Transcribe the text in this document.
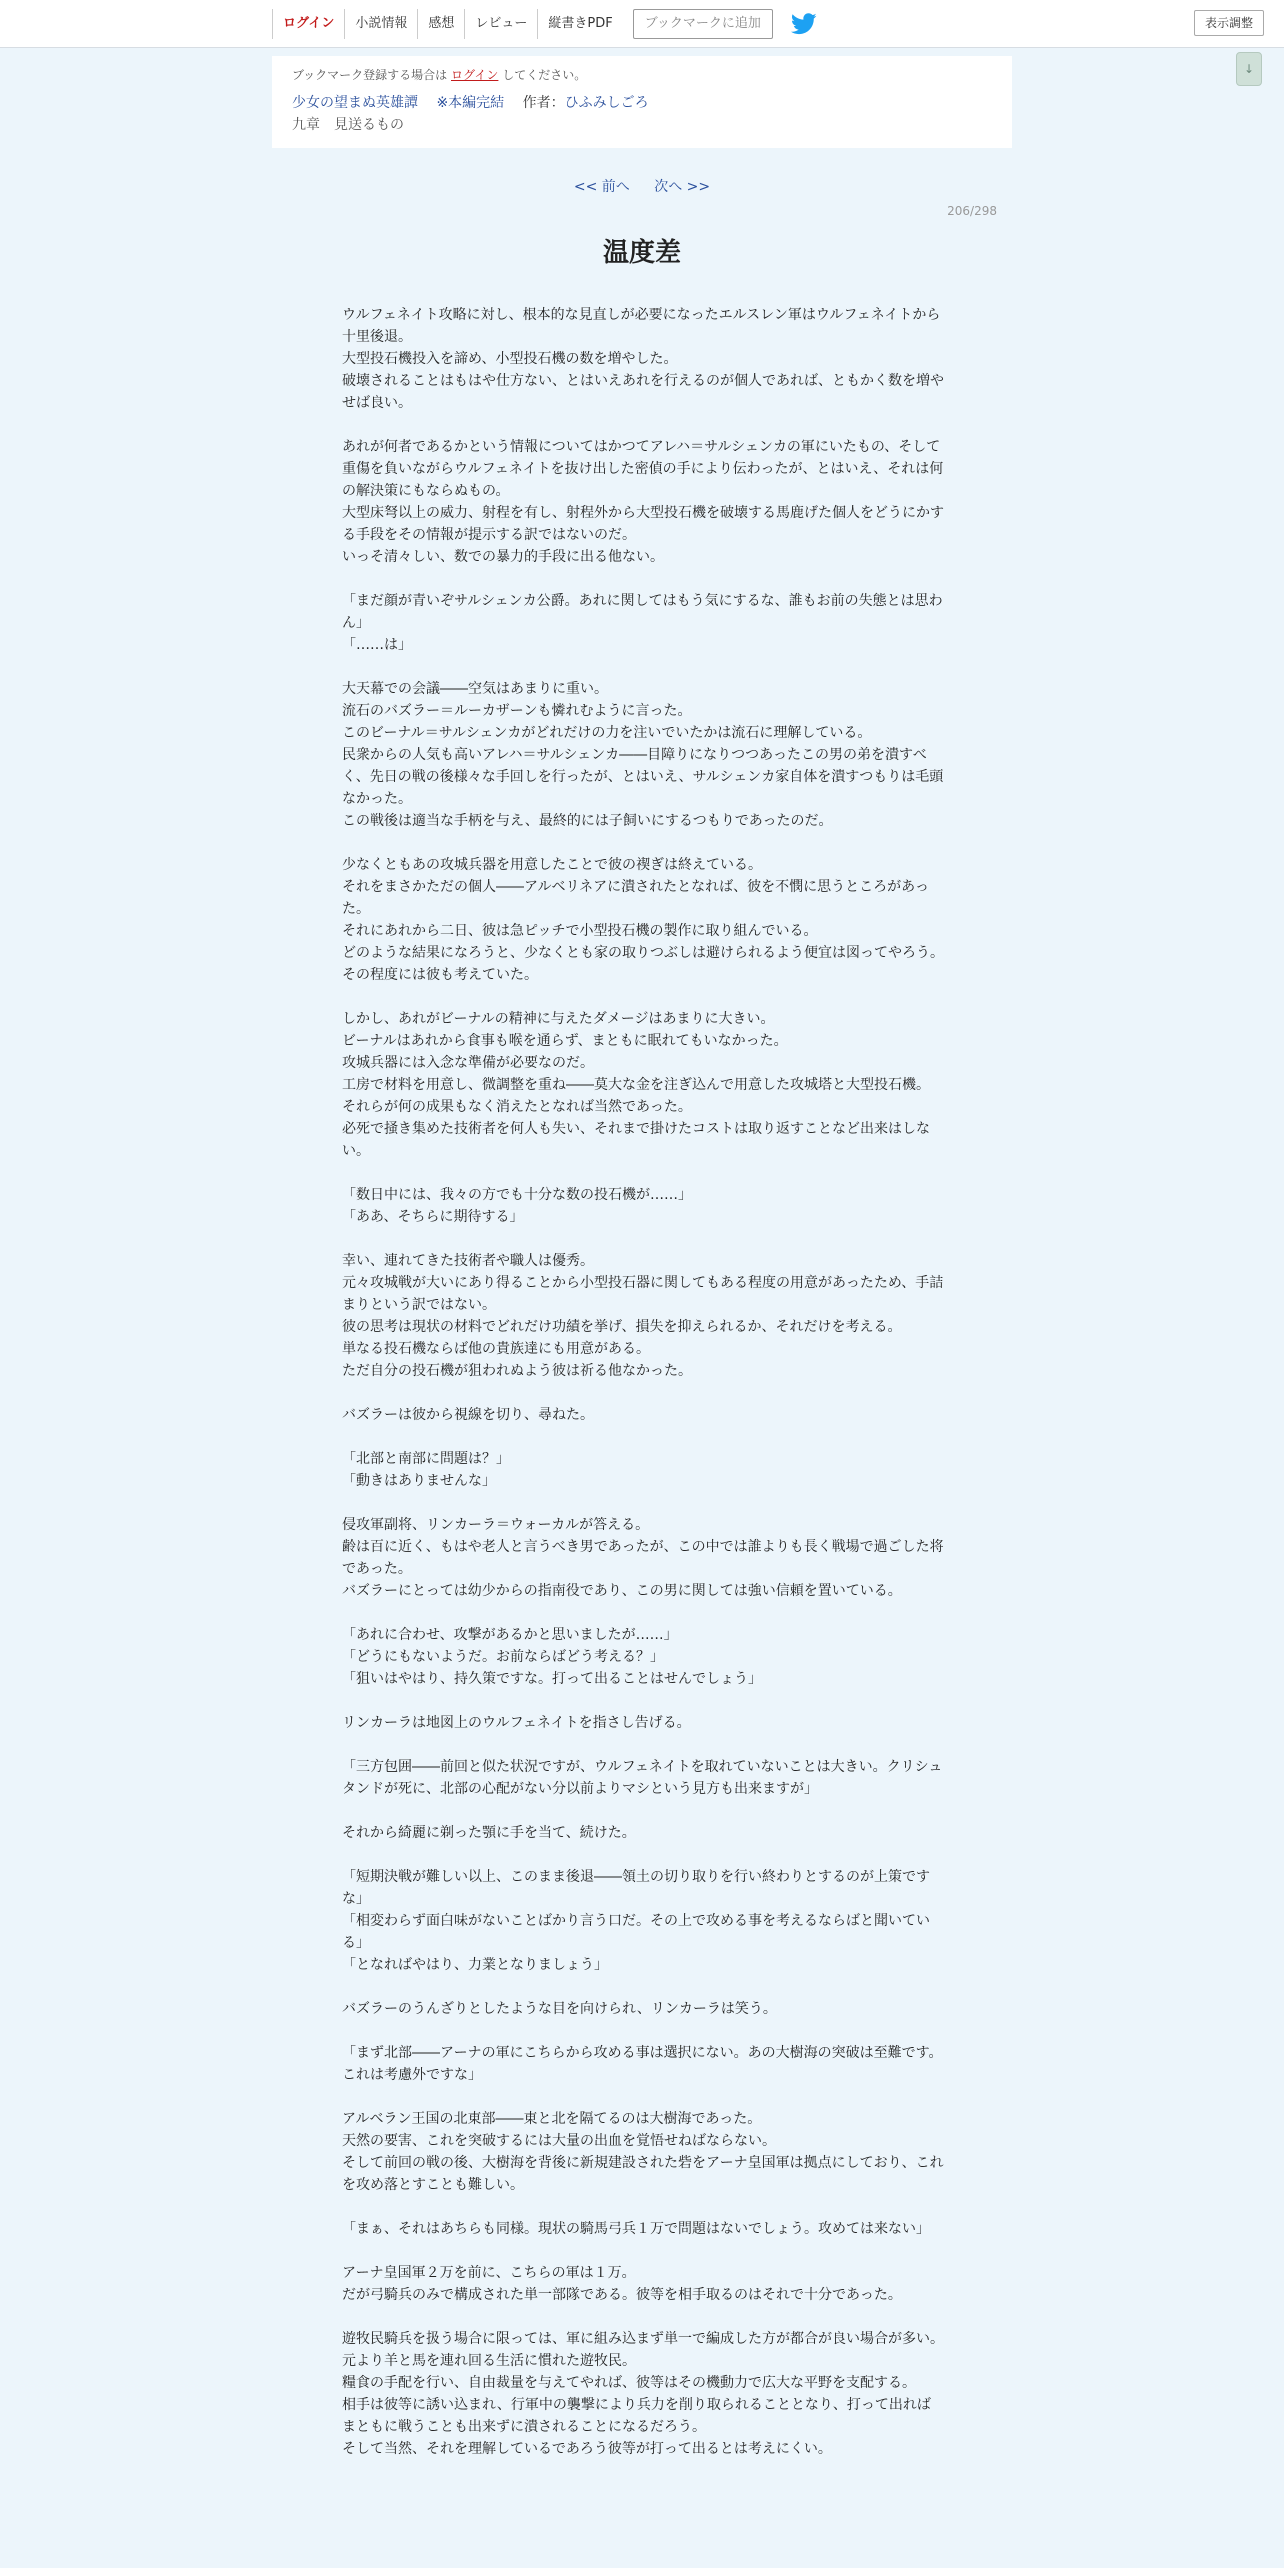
ログイン	小説情報	感想	レビュー	縦書きPDF	ブックマークに追加	表示調整
↓
ブックマーク登録する場合は ログイン してください。
少女の望まぬ英雄譚 ※本編完結 作者：ひふみしごろ
九章　見送るもの
<< 前へ 次へ >>
206/298
温度差

ウルフェネイト攻略に対し、根本的な見直しが必要になったエルスレン軍はウルフェネイトから十里後退。

大型投石機投入を諦め、小型投石機の数を増やした。

破壊されることはもはや仕方ない、とはいえあれを行えるのが個人であれば、ともかく数を増やせば良い。

あれが何者であるかという情報についてはかつてアレハ＝サルシェンカの軍にいたもの、そして重傷を負いながらウルフェネイトを抜け出した密偵の手により伝わったが、とはいえ、それは何の解決策にもならぬもの。

大型床弩以上の威力、射程を有し、射程外から大型投石機を破壊する馬鹿げた個人をどうにかする手段をその情報が提示する訳ではないのだ。

いっそ清々しい、数での暴力的手段に出る他ない。

「まだ顔が青いぞサルシェンカ公爵。あれに関してはもう気にするな、誰もお前の失態とは思わん」

「……は」

大天幕での会議――空気はあまりに重い。

流石のバズラー＝ルーカザーンも憐れむように言った。

このビーナル＝サルシェンカがどれだけの力を注いでいたかは流石に理解している。

民衆からの人気も高いアレハ＝サルシェンカ――目障りになりつつあったこの男の弟を潰すべく、先日の戦の後様々な手回しを行ったが、とはいえ、サルシェンカ家自体を潰すつもりは毛頭なかった。

この戦後は適当な手柄を与え、最終的には子飼いにするつもりであったのだ。

少なくともあの攻城兵器を用意したことで彼の禊ぎは終えている。

それをまさかただの個人――アルベリネアに潰されたとなれば、彼を不憫に思うところがあった。

それにあれから二日、彼は急ピッチで小型投石機の製作に取り組んでいる。

どのような結果になろうと、少なくとも家の取りつぶしは避けられるよう便宜は図ってやろう。

その程度には彼も考えていた。

しかし、あれがビーナルの精神に与えたダメージはあまりに大きい。

ビーナルはあれから食事も喉を通らず、まともに眠れてもいなかった。

攻城兵器には入念な準備が必要なのだ。

工房で材料を用意し、微調整を重ね――莫大な金を注ぎ込んで用意した攻城塔と大型投石機。

それらが何の成果もなく消えたとなれば当然であった。

必死で掻き集めた技術者を何人も失い、それまで掛けたコストは取り返すことなど出来はしない。

「数日中には、我々の方でも十分な数の投石機が……」

「ああ、そちらに期待する」

幸い、連れてきた技術者や職人は優秀。

元々攻城戦が大いにあり得ることから小型投石器に関してもある程度の用意があったため、手詰まりという訳ではない。

彼の思考は現状の材料でどれだけ功績を挙げ、損失を抑えられるか、それだけを考える。

単なる投石機ならば他の貴族達にも用意がある。

ただ自分の投石機が狙われぬよう彼は祈る他なかった。

バズラーは彼から視線を切り、尋ねた。

「北部と南部に問題は？」

「動きはありませんな」

侵攻軍副将、リンカーラ＝ウォーカルが答える。

齢は百に近く、もはや老人と言うべき男であったが、この中では誰よりも長く戦場で過ごした将であった。

バズラーにとっては幼少からの指南役であり、この男に関しては強い信頼を置いている。

「あれに合わせ、攻撃があるかと思いましたが……」

「どうにもないようだ。お前ならばどう考える？」

「狙いはやはり、持久策ですな。打って出ることはせんでしょう」

リンカーラは地図上のウルフェネイトを指さし告げる。

「三方包囲――前回と似た状況ですが、ウルフェネイトを取れていないことは大きい。クリシュタンドが死に、北部の心配がない分以前よりマシという見方も出来ますが」

それから綺麗に剃った顎に手を当て、続けた。

「短期決戦が難しい以上、このまま後退――領土の切り取りを行い終わりとするのが上策ですな」

「相変わらず面白味がないことばかり言う口だ。その上で攻める事を考えるならばと聞いている」

「となればやはり、力業となりましょう」

バズラーのうんざりとしたような目を向けられ、リンカーラは笑う。

「まず北部――アーナの軍にこちらから攻める事は選択にない。あの大樹海の突破は至難です。これは考慮外ですな」

アルベラン王国の北東部――東と北を隔てるのは大樹海であった。

天然の要害、これを突破するには大量の出血を覚悟せねばならない。

そして前回の戦の後、大樹海を背後に新規建設された砦をアーナ皇国軍は拠点にしており、これを攻め落とすことも難しい。

「まぁ、それはあちらも同様。現状の騎馬弓兵１万で問題はないでしょう。攻めては来ない」

アーナ皇国軍２万を前に、こちらの軍は１万。

だが弓騎兵のみで構成された単一部隊である。彼等を相手取るのはそれで十分であった。

遊牧民騎兵を扱う場合に限っては、軍に組み込まず単一で編成した方が都合が良い場合が多い。

元より羊と馬を連れ回る生活に慣れた遊牧民。

糧食の手配を行い、自由裁量を与えてやれば、彼等はその機動力で広大な平野を支配する。

相手は彼等に誘い込まれ、行軍中の襲撃により兵力を削り取られることとなり、打って出ればまともに戦うことも出来ずに潰されることになるだろう。

そして当然、それを理解しているであろう彼等が打って出るとは考えにくい。
